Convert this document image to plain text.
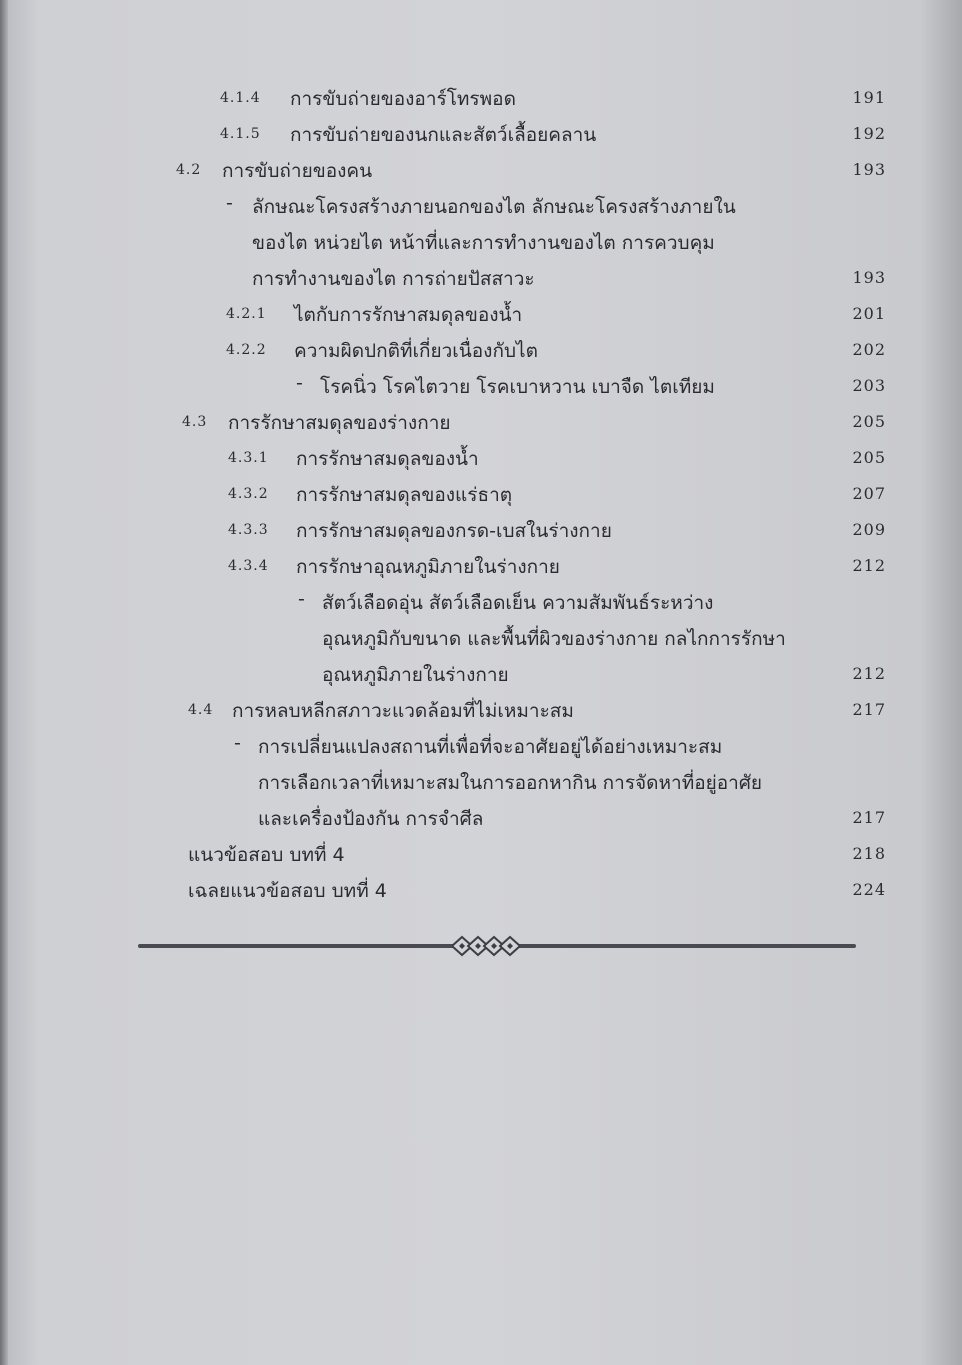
4.1.4 การขับถ่ายของอาร์โทรพอด	191
4.1.5 การขับถ่ายของนกและสัตว์เลื้อยคลาน	192
4.2 การขับถ่ายของคน	193
- ลักษณะโครงสร้างภายนอกของไต ลักษณะโครงสร้างภายใน
ของไต หน่วยไต หน้าที่และการทำงานของไต การควบคุม
การทำงานของไต การถ่ายปัสสาวะ	193
4.2.1 ไตกับการรักษาสมดุลของน้ำ	201
4.2.2 ความผิดปกติที่เกี่ยวเนื่องกับไต	202
- โรคนิ่ว โรคไตวาย โรคเบาหวาน เบาจืด ไตเทียม	203
4.3 การรักษาสมดุลของร่างกาย	205
4.3.1 การรักษาสมดุลของน้ำ	205
4.3.2 การรักษาสมดุลของแร่ธาตุ	207
4.3.3 การรักษาสมดุลของกรด-เบสในร่างกาย	209
4.3.4 การรักษาอุณหภูมิภายในร่างกาย	212
- สัตว์เลือดอุ่น สัตว์เลือดเย็น ความสัมพันธ์ระหว่าง
อุณหภูมิกับขนาด และพื้นที่ผิวของร่างกาย กลไกการรักษา
อุณหภูมิภายในร่างกาย	212
4.4 การหลบหลีกสภาวะแวดล้อมที่ไม่เหมาะสม	217
- การเปลี่ยนแปลงสถานที่เพื่อที่จะอาศัยอยู่ได้อย่างเหมาะสม
การเลือกเวลาที่เหมาะสมในการออกหากิน การจัดหาที่อยู่อาศัย
และเครื่องป้องกัน การจำศีล	217
แนวข้อสอบ บทที่ 4	218
เฉลยแนวข้อสอบ บทที่ 4	224
